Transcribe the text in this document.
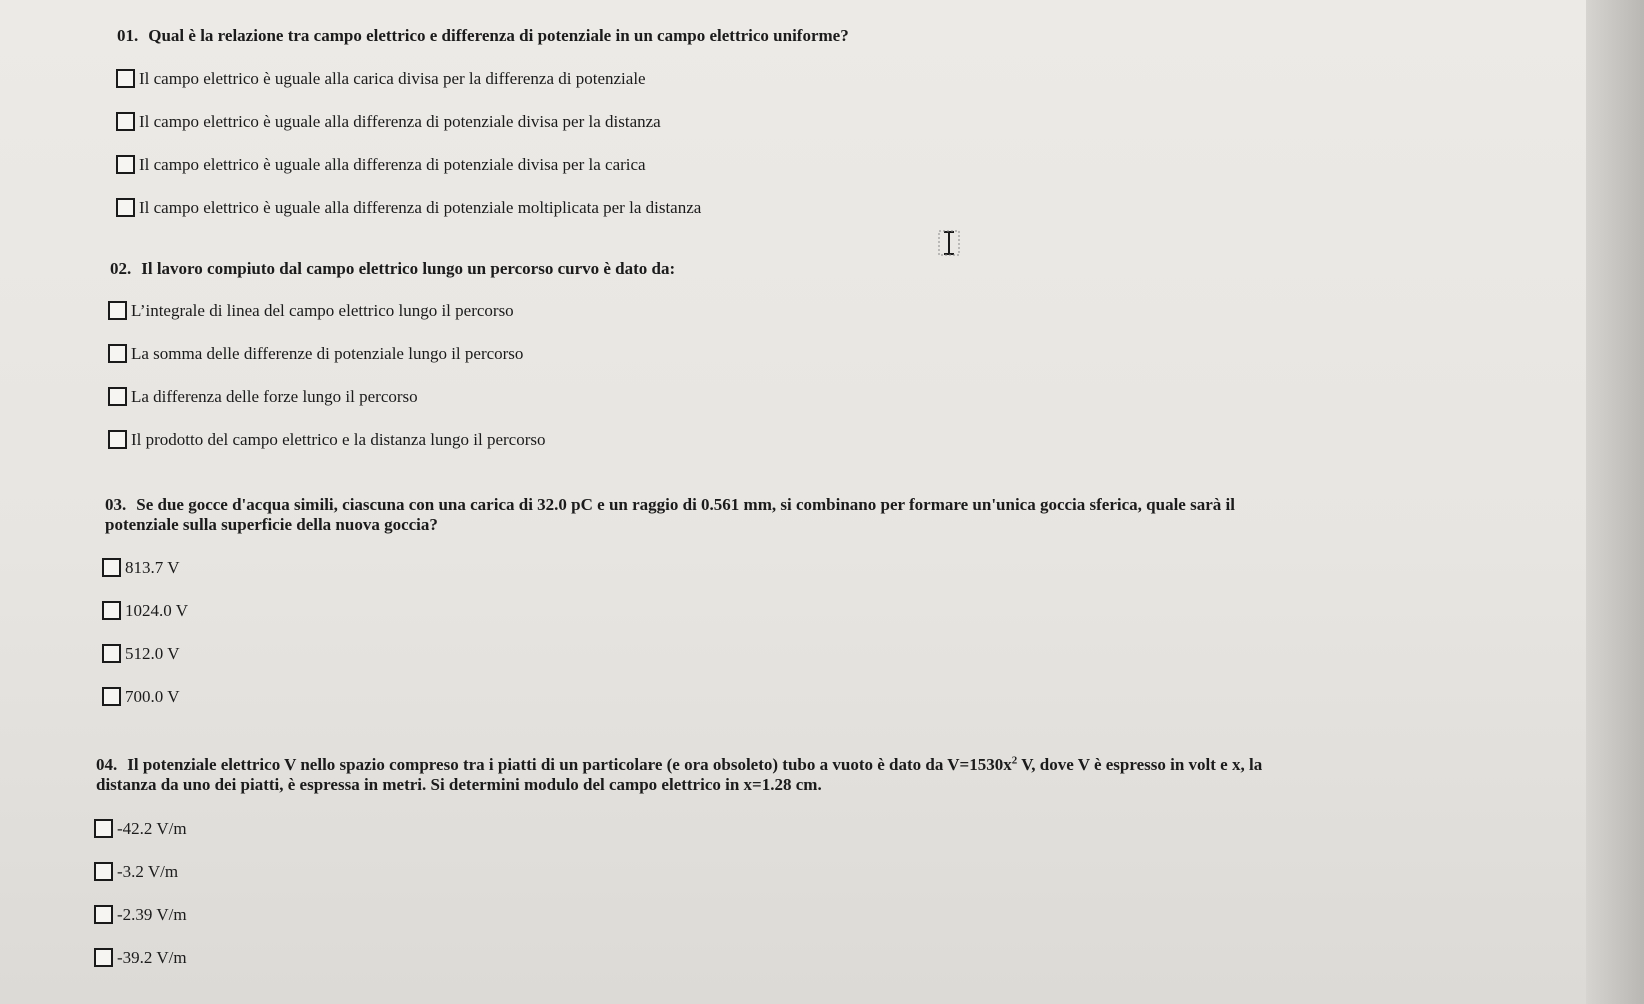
01. Qual è la relazione tra campo elettrico e differenza di potenziale in un campo elettrico uniforme?

Il campo elettrico è uguale alla carica divisa per la differenza di potenziale
Il campo elettrico è uguale alla differenza di potenziale divisa per la distanza
Il campo elettrico è uguale alla differenza di potenziale divisa per la carica
Il campo elettrico è uguale alla differenza di potenziale moltiplicata per la distanza

02. Il lavoro compiuto dal campo elettrico lungo un percorso curvo è dato da:

L’integrale di linea del campo elettrico lungo il percorso
La somma delle differenze di potenziale lungo il percorso
La differenza delle forze lungo il percorso
Il prodotto del campo elettrico e la distanza lungo il percorso

03. Se due gocce d'acqua simili, ciascuna con una carica di 32.0 pC e un raggio di 0.561 mm, si combinano per formare un'unica goccia sferica, quale sarà il
potenziale sulla superficie della nuova goccia?

813.7 V
1024.0 V
512.0 V
700.0 V

04. Il potenziale elettrico V nello spazio compreso tra i piatti di un particolare (e ora obsoleto) tubo a vuoto è dato da $V=1530x^2$ V, dove V è espresso in volt e x, la
distanza da uno dei piatti, è espressa in metri. Si determini modulo del campo elettrico in x=1.28 cm.

-42.2 V/m
-3.2 V/m
-2.39 V/m
-39.2 V/m
